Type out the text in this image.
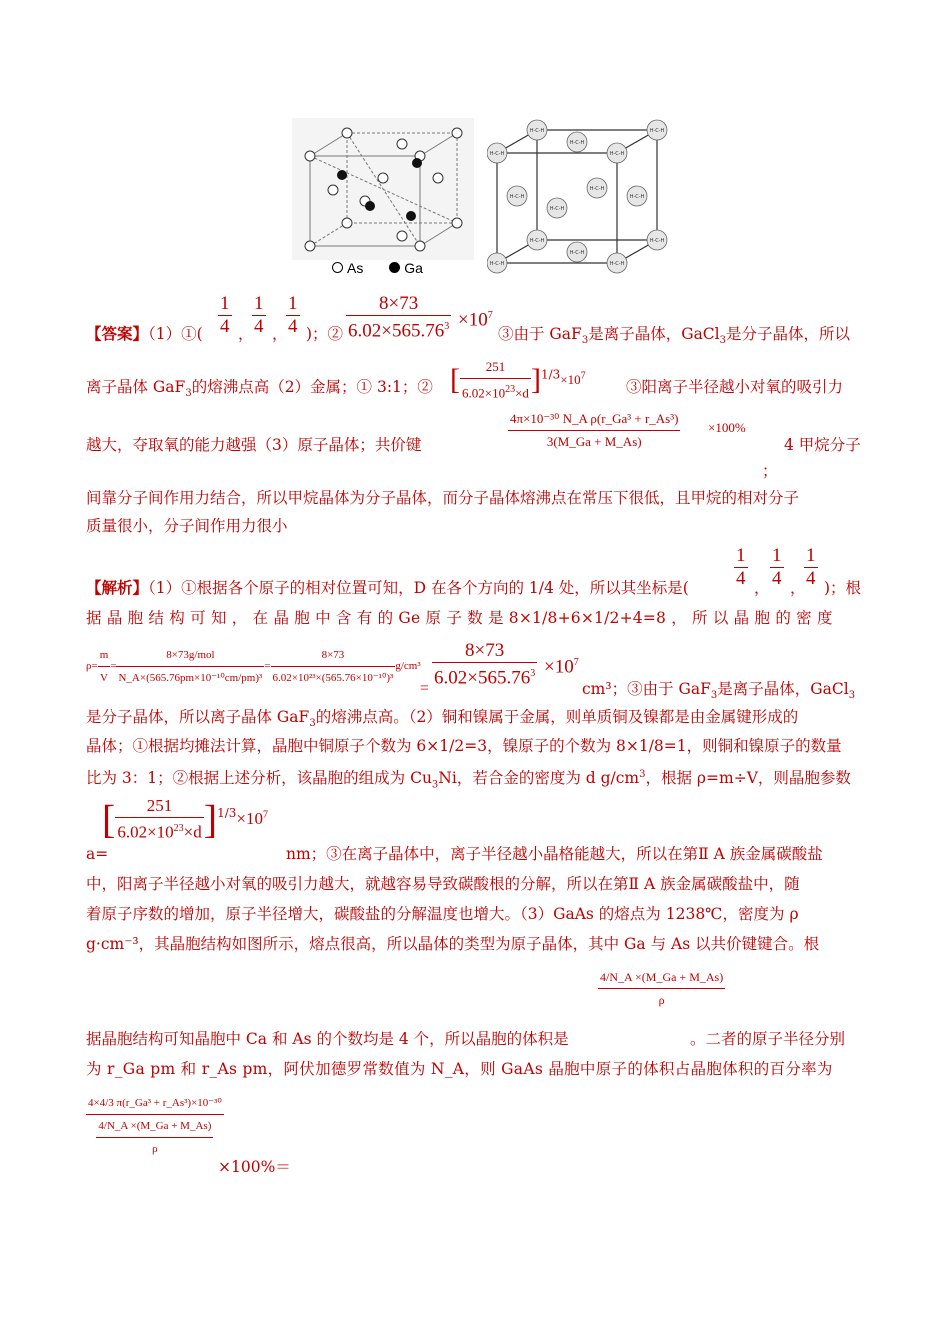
H-C-H	H-C-H
H-C-H	H-C-H
H-C-H	H-C-H
H-C-H	H-C-H
H-C-H
H-C-H
H-C-H	H-C-H
H-C-H
H-C-H
As	Ga
【答案】（1）①( $\frac{1}{4}$ ，
$\frac{1}{4}$ ，
$\frac{1}{4}$ )；② $\frac{8\times 73}{6.02\times 565.76^3} \times 10^7$
③由于 GaF$_3$是离子晶体，GaCl$_3$是分子晶体，所以
离子晶体 GaF$_3$的熔沸点高（2）金属；① 3:1；② [ $\frac{251}{6.02\times 10^{23}\times d} ]^{1/3}\times 10^7$
③阳离子半径越小对氧的吸引力
越大，夺取氧的能力越强（3）原子晶体；共价键	$\frac{\text{4π×10⁻³⁰ N\_A ρ(r\_Ga³ + r\_As³)}}{3(M\_Ga + M\_As)} \times 100\%$
4 甲烷分子
；
间靠分子间作用力结合，所以甲烷晶体为分子晶体，而分子晶体熔沸点在常压下很低，且甲烷的相对分子
质量很小，分子间作用力很小
【解析】（1）①根据各个原子的相对位置可知，D 在各个方向的 1/4 处，所以其坐标是( $\frac{1}{4}$ ， $\frac{1}{4}$ ，
$\frac{1}{4}$ )；根
据 晶 胞 结 构 可 知 ， 在 晶 胞 中 含 有 的 Ge 原 子 数 是 8×1/8+6×1/2+4=8 ， 所 以 晶 胞 的 密 度
$\rho= \frac{m}{V} = \frac{\text{8×73g/mol}}{\text{N\_A×(565.76pm×10⁻¹⁰cm/pm)³}} = \frac{8\times 73}{\text{6.02×10²³×(565.76×10⁻¹⁰)³}} g/cm^3$
= $\frac{8\times 73}{6.02\times 565.76^3} \times 10^7$
cm³；③由于 GaF$_3$是离子晶体，GaCl$_3$
是分子晶体，所以离子晶体 GaF$_3$的熔沸点高。（2）铜和镍属于金属，则单质铜及镍都是由金属键形成的
晶体；①根据均摊法计算，晶胞中铜原子个数为 6×1/2=3，镍原子的个数为 8×1/8=1，则铜和镍原子的数量
比为 3：1；②根据上述分析，该晶胞的组成为 $Cu_3Ni$，若合金的密度为 d $g/cm^3$，根据 ρ=m÷V，则晶胞参数
a=
[ $\frac{251}{6.02\times 10^{23}\times d} ]^{1/3}\times 10^7$
nm；③在离子晶体中，离子半径越小晶格能越大，所以在第Ⅱ A 族金属碳酸盐
中，阳离子半径越小对氧的吸引力越大，就越容易导致碳酸根的分解，所以在第Ⅱ A 族金属碳酸盐中，随
着原子序数的增加，原子半径增大，碳酸盐的分解温度也增大。（3）GaAs 的熔点为 1238℃，密度为 ρ
g·cm⁻³，其晶胞结构如图所示，熔点很高，所以晶体的类型为原子晶体，其中 Ga 与 As 以共价键键合。根
$\frac{4/N\_A \times(M\_Ga + M\_As)}{\rho}$
据晶胞结构可知晶胞中 Ca 和 As 的个数均是 4 个，所以晶胞的体积是	。二者的原子半径分别
为 r_Ga pm 和 r_As pm，阿伏加德罗常数值为 N_A，则 GaAs 晶胞中原子的体积占晶胞体积的百分率为
$\frac{\text{4×4/3 π(r\_Ga³ + r\_As³)×10⁻³⁰}}{\frac{4/N\_A \times(M\_Ga + M\_As)}{\rho}}$
×100%＝
